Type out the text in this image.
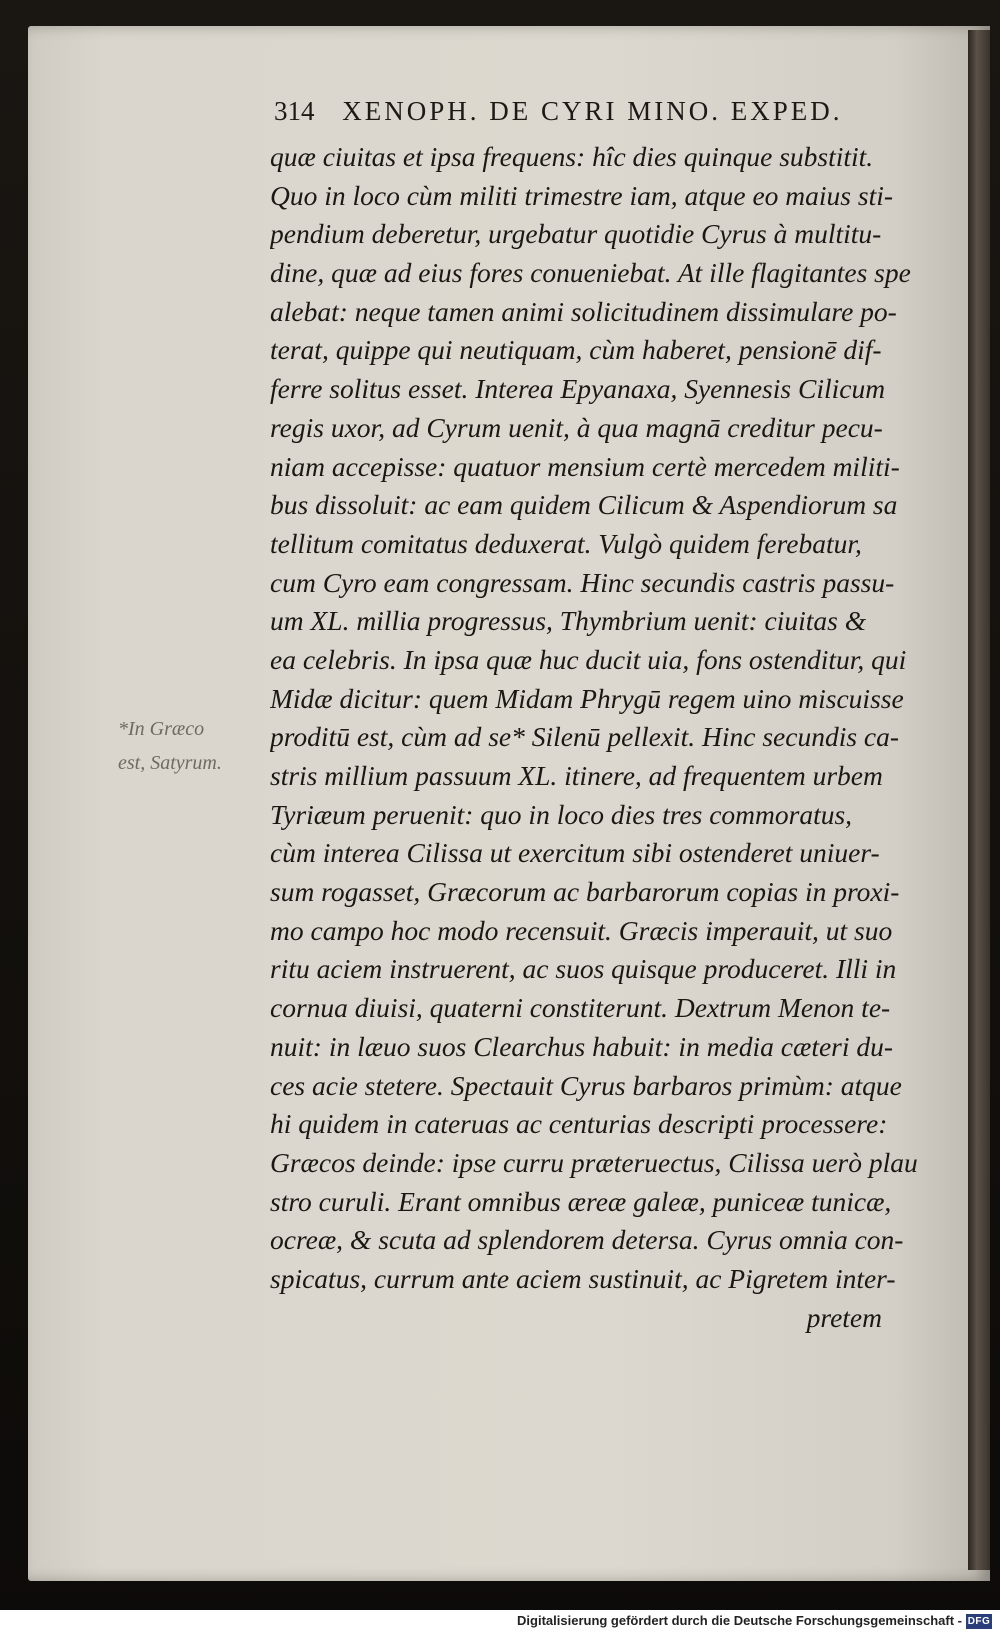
314 XENOPH. DE CYRI MINO. EXPED.
*In Græco
est, Satyrum.
quæ ciuitas et ipsa frequens: hîc dies quinque substitit.
Quo in loco cùm militi trimestre iam, atque eo maius sti-
pendium deberetur, urgebatur quotidie Cyrus à multitu-
dine, quæ ad eius fores conueniebat. At ille flagitantes spe
alebat: neque tamen animi solicitudinem dissimulare po-
terat, quippe qui neutiquam, cùm haberet, pensionē dif-
ferre solitus esset. Interea Epyanaxa, Syennesis Cilicum
regis uxor, ad Cyrum uenit, à qua magnā creditur pecu-
niam accepisse: quatuor mensium certè mercedem militi-
bus dissoluit: ac eam quidem Cilicum & Aspendiorum sa
tellitum comitatus deduxerat. Vulgò quidem ferebatur,
cum Cyro eam congressam. Hinc secundis castris passu-
um XL. millia progressus, Thymbrium uenit: ciuitas &
ea celebris. In ipsa quæ huc ducit uia, fons ostenditur, qui
Midæ dicitur: quem Midam Phrygū regem uino miscuisse
proditū est, cùm ad se* Silenū pellexit. Hinc secundis ca-
stris millium passuum XL. itinere, ad frequentem urbem
Tyriæum peruenit: quo in loco dies tres commoratus,
cùm interea Cilissa ut exercitum sibi ostenderet uniuer-
sum rogasset, Græcorum ac barbarorum copias in proxi-
mo campo hoc modo recensuit. Græcis imperauit, ut suo
ritu aciem instruerent, ac suos quisque produceret. Illi in
cornua diuisi, quaterni constiterunt. Dextrum Menon te-
nuit: in læuo suos Clearchus habuit: in media cæteri du-
ces acie stetere. Spectauit Cyrus barbaros primùm: atque
hi quidem in cateruas ac centurias descripti processere:
Græcos deinde: ipse curru præteruectus, Cilissa uerò plau
stro curuli. Erant omnibus æreæ galeæ, puniceæ tunicæ,
ocreæ, & scuta ad splendorem detersa. Cyrus omnia con-
spicatus, currum ante aciem sustinuit, ac Pigretem inter-
pretem
Digitalisierung gefördert durch die Deutsche Forschungsgemeinschaft - DFG
